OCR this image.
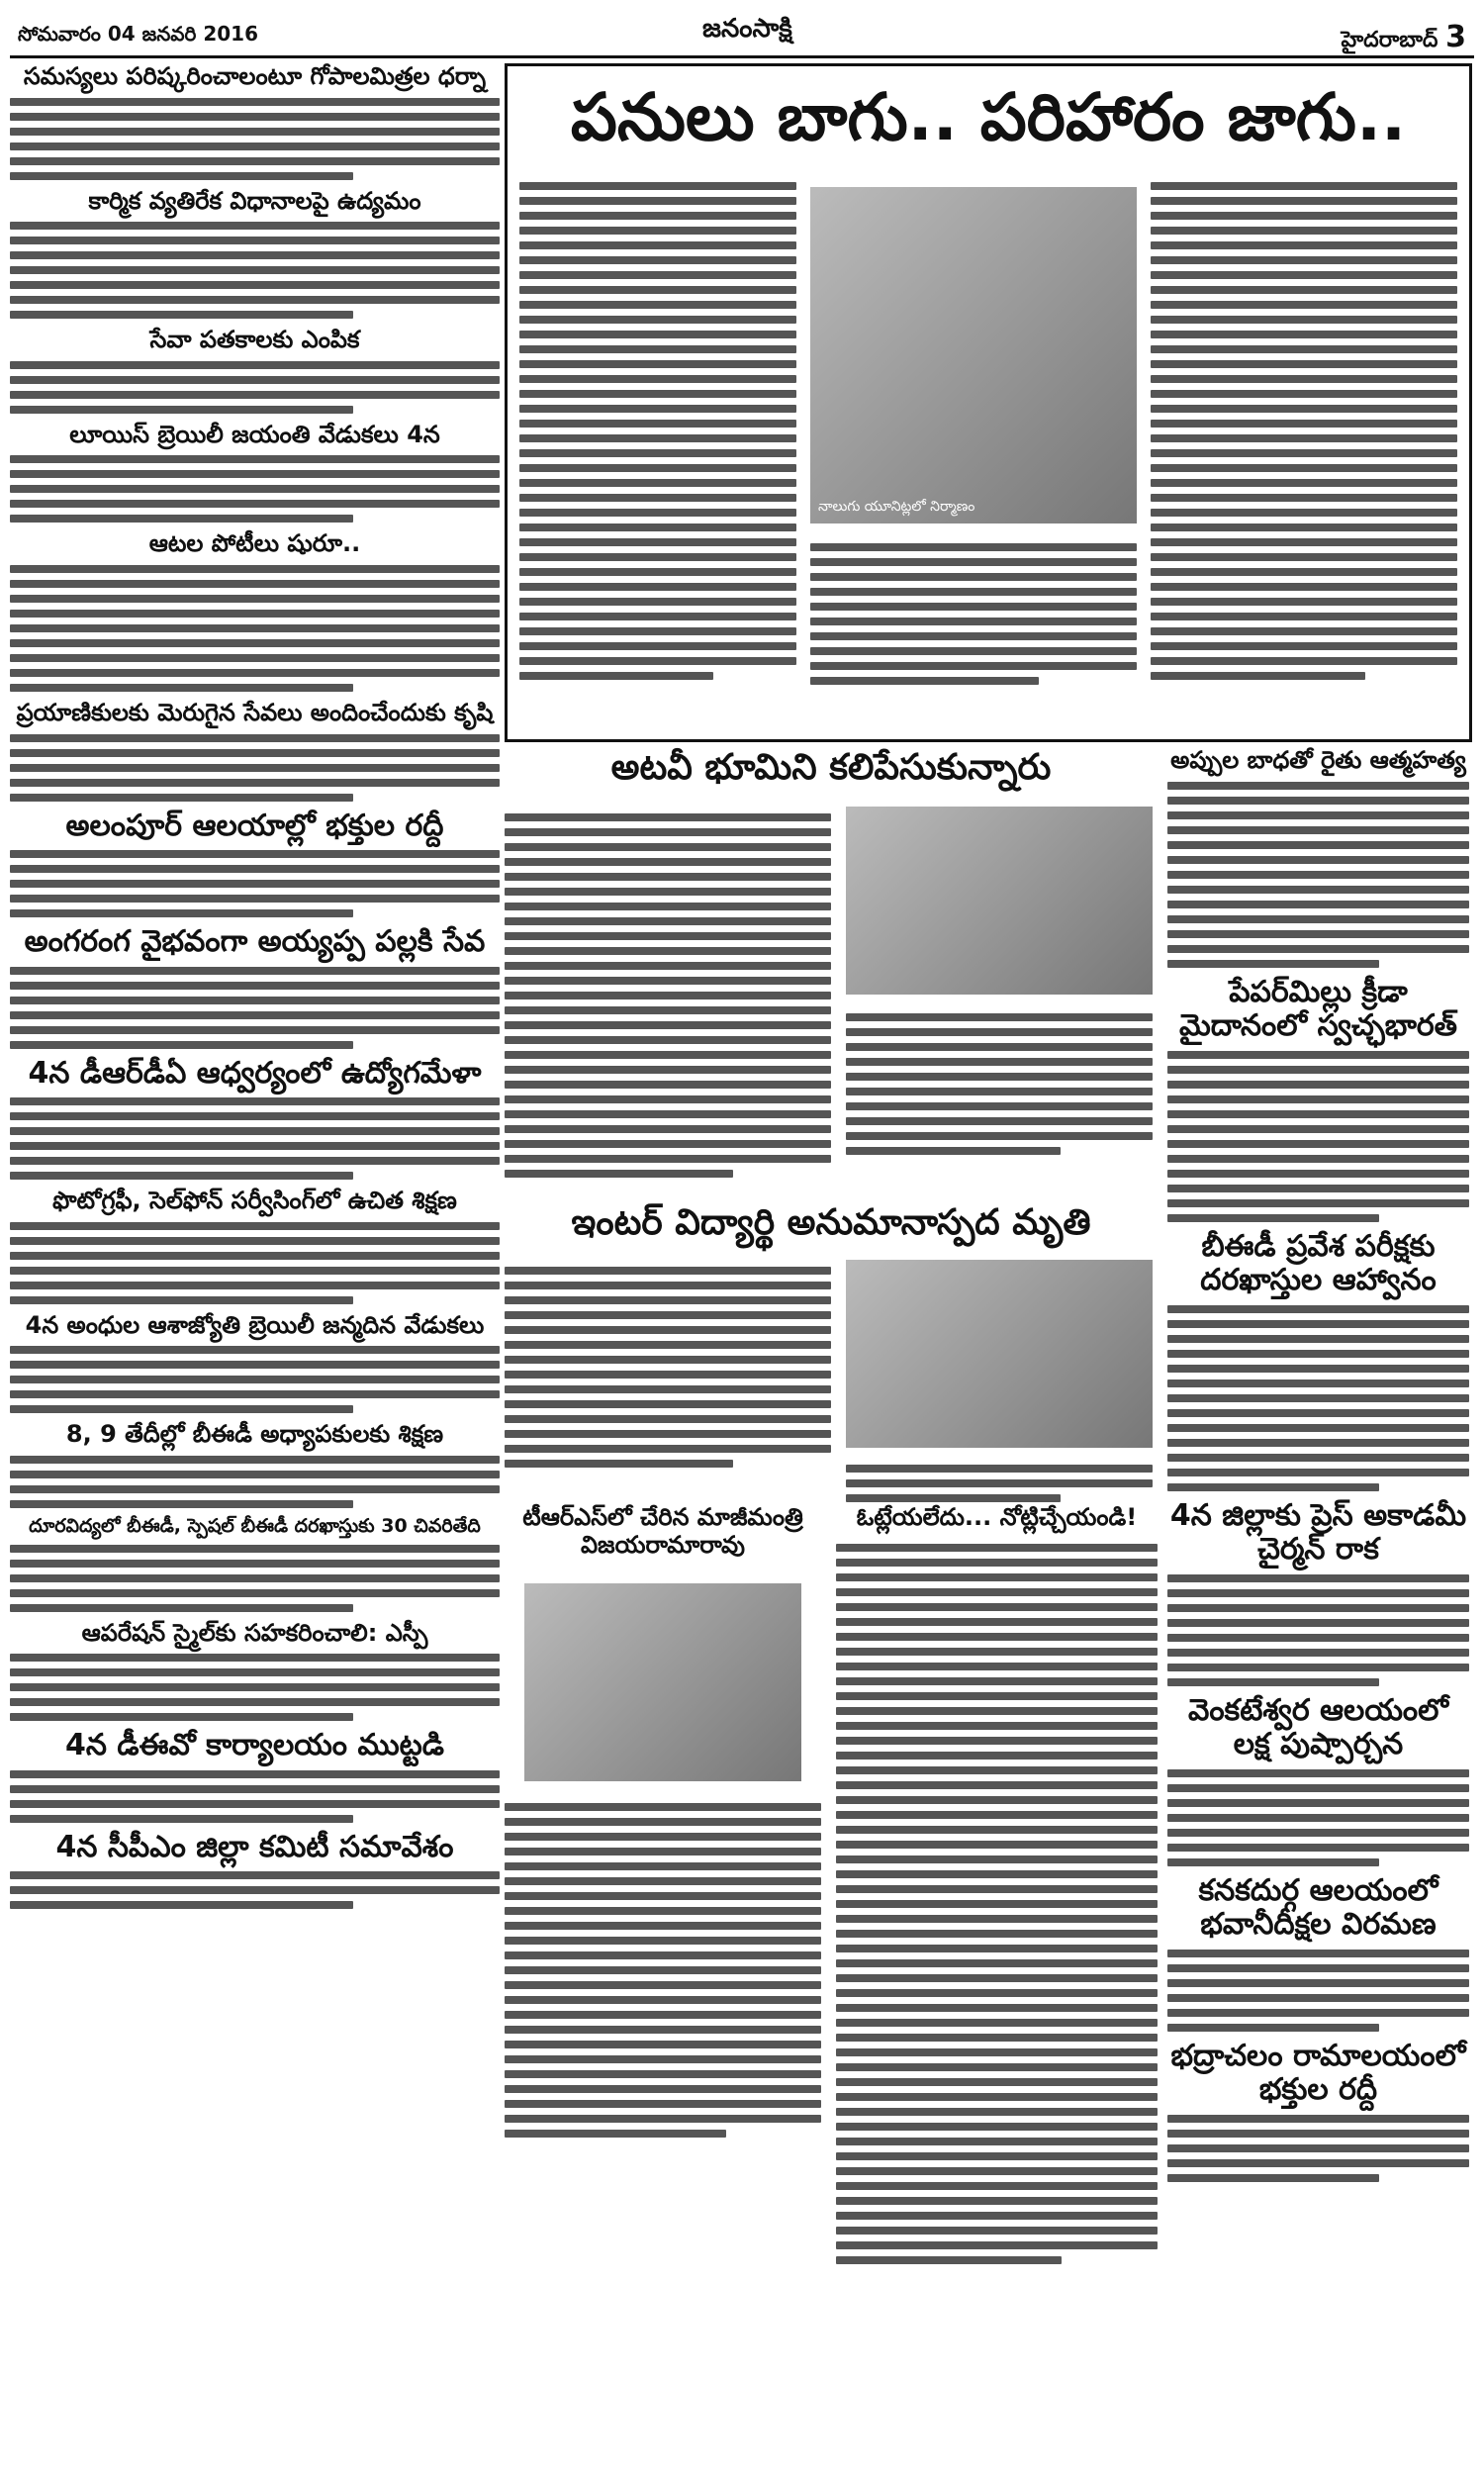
సోమవారం 04 జనవరి 2016	జనంసాక్షి	హైదరాబాద్ 3
సమస్యలు పరిష్కరించాలంటూ గోపాలమిత్రల ధర్నా
కార్మిక వ్యతిరేక విధానాలపై ఉద్యమం
సేవా పతకాలకు ఎంపిక
లూయిస్ బ్రెయిలీ జయంతి వేడుకలు 4న
ఆటల పోటీలు షురూ..
ప్రయాణికులకు మెరుగైన సేవలు అందించేందుకు కృషి
అలంపూర్ ఆలయాల్లో భక్తుల రద్దీ
అంగరంగ వైభవంగా అయ్యప్ప పల్లకి సేవ
4న డీఆర్‌డీఏ ఆధ్వర్యంలో ఉద్యోగమేళా
ఫొటోగ్రఫీ, సెల్‌ఫోన్ సర్వీసింగ్‌లో ఉచిత శిక్షణ
4న అంధుల ఆశాజ్యోతి బ్రెయిలీ జన్మదిన వేడుకలు
8, 9 తేదీల్లో బీఈడీ అధ్యాపకులకు శిక్షణ
దూరవిద్యలో బీఈడీ, స్పెషల్ బీఈడీ దరఖాస్తుకు 30 చివరితేది
ఆపరేషన్ స్మైల్‌కు సహకరించాలి: ఎస్పీ
4న డీఈవో కార్యాలయం ముట్టడి
4న సీపీఎం జిల్లా కమిటీ సమావేశం
పనులు బాగు.. పరిహారం జాగు..
నాలుగు యూనిట్లలో నిర్మాణం
అటవీ భూమిని కలిపేసుకున్నారు
ఇంటర్ విద్యార్థి అనుమానాస్పద మృతి
టీఆర్ఎస్‌లో చేరిన మాజీమంత్రి విజయరామారావు
ఓట్లేయలేదు... నోట్లిచ్చేయండి!
అప్పుల బాధతో రైతు ఆత్మహత్య
పేపర్‌మిల్లు క్రీడా మైదానంలో స్వచ్ఛభారత్
బీఈడీ ప్రవేశ పరీక్షకు దరఖాస్తుల ఆహ్వానం
4న జిల్లాకు ప్రెస్ అకాడమీ చైర్మన్ రాక
వెంకటేశ్వర ఆలయంలో లక్ష పుష్పార్చన
కనకదుర్గ ఆలయంలో భవానీదీక్షల విరమణ
భద్రాచలం రామాలయంలో భక్తుల రద్దీ
